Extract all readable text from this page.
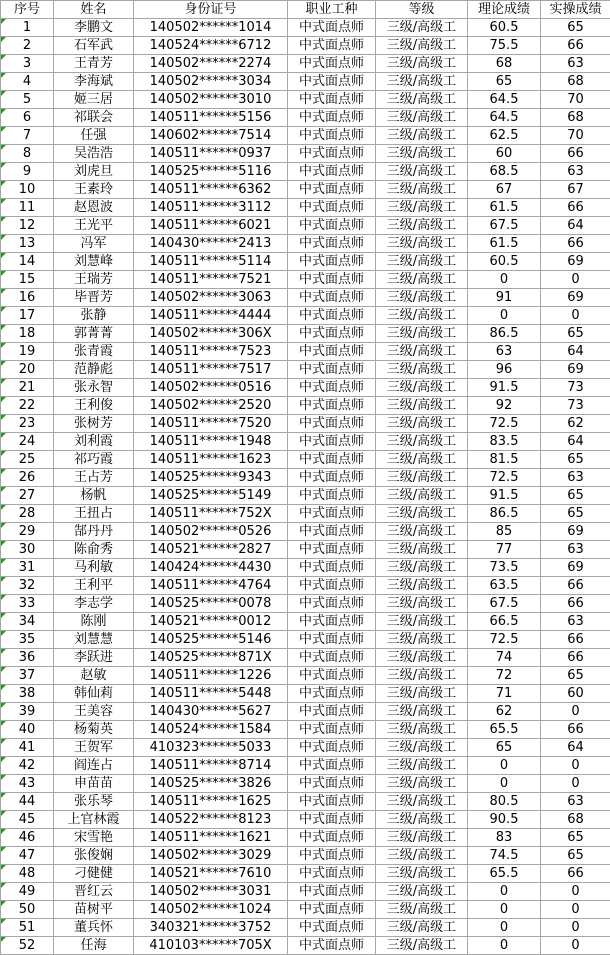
序号	姓名	身份证号	职业工种	等级	理论成绩	实操成绩

1	李鹏文	140502******1014	中式面点师	三级/高级工	60.5	65

2	石军武	140524******6712	中式面点师	三级/高级工	75.5	66

3	王青芳	140502******2274	中式面点师	三级/高级工	68	63

4	李海斌	140502******3034	中式面点师	三级/高级工	65	68

5	姬三居	140502******3010	中式面点师	三级/高级工	64.5	70

6	祁联会	140511******5156	中式面点师	三级/高级工	64.5	68

7	任强	140602******7514	中式面点师	三级/高级工	62.5	70

8	吴浩浩	140511******0937	中式面点师	三级/高级工	60	66

9	刘虎旦	140525******5116	中式面点师	三级/高级工	68.5	63

10	王素玲	140511******6362	中式面点师	三级/高级工	67	67

11	赵恩波	140511******3112	中式面点师	三级/高级工	61.5	66

12	王光平	140511******6021	中式面点师	三级/高级工	67.5	64

13	冯军	140430******2413	中式面点师	三级/高级工	61.5	66

14	刘慧峰	140511******5114	中式面点师	三级/高级工	60.5	69

15	王瑞芳	140511******7521	中式面点师	三级/高级工	0	0

16	毕晋芳	140502******3063	中式面点师	三级/高级工	91	69

17	张静	140511******4444	中式面点师	三级/高级工	0	0

18	郭菁菁	140502******306X	中式面点师	三级/高级工	86.5	65

19	张青霞	140511******7523	中式面点师	三级/高级工	63	64

20	范静彪	140511******7517	中式面点师	三级/高级工	96	69

21	张永智	140502******0516	中式面点师	三级/高级工	91.5	73

22	王利俊	140502******2520	中式面点师	三级/高级工	92	73

23	张树芳	140511******7520	中式面点师	三级/高级工	72.5	62

24	刘利霞	140511******1948	中式面点师	三级/高级工	83.5	64

25	祁巧霞	140511******1623	中式面点师	三级/高级工	81.5	65

26	王占芳	140525******9343	中式面点师	三级/高级工	72.5	63

27	杨帆	140525******5149	中式面点师	三级/高级工	91.5	65

28	王扭占	140511******752X	中式面点师	三级/高级工	86.5	65

29	郜丹丹	140502******0526	中式面点师	三级/高级工	85	69

30	陈俞秀	140521******2827	中式面点师	三级/高级工	77	63

31	马利敏	140424******4430	中式面点师	三级/高级工	73.5	69

32	王利平	140511******4764	中式面点师	三级/高级工	63.5	66

33	李志学	140525******0078	中式面点师	三级/高级工	67.5	66

34	陈刚	140521******0012	中式面点师	三级/高级工	66.5	63

35	刘慧慧	140525******5146	中式面点师	三级/高级工	72.5	66

36	李跃进	140525******871X	中式面点师	三级/高级工	74	66

37	赵敏	140511******1226	中式面点师	三级/高级工	72	65

38	韩仙莉	140511******5448	中式面点师	三级/高级工	71	60

39	王美容	140430******5627	中式面点师	三级/高级工	62	0

40	杨菊英	140524******1584	中式面点师	三级/高级工	65.5	66

41	王贺军	410323******5033	中式面点师	三级/高级工	65	64

42	阎连占	140511******8714	中式面点师	三级/高级工	0	0

43	申苗苗	140525******3826	中式面点师	三级/高级工	0	0

44	张乐琴	140511******1625	中式面点师	三级/高级工	80.5	63

45	上官林霞	140522******8123	中式面点师	三级/高级工	90.5	68

46	宋雪艳	140511******1621	中式面点师	三级/高级工	83	65

47	张俊娴	140502******3029	中式面点师	三级/高级工	74.5	65

48	刁健健	140521******7610	中式面点师	三级/高级工	65.5	66

49	晋红云	140502******3031	中式面点师	三级/高级工	0	0

50	苗树平	140502******1024	中式面点师	三级/高级工	0	0

51	董兵怀	340321******3752	中式面点师	三级/高级工	0	0

52	任海	410103******705X	中式面点师	三级/高级工	0	0
